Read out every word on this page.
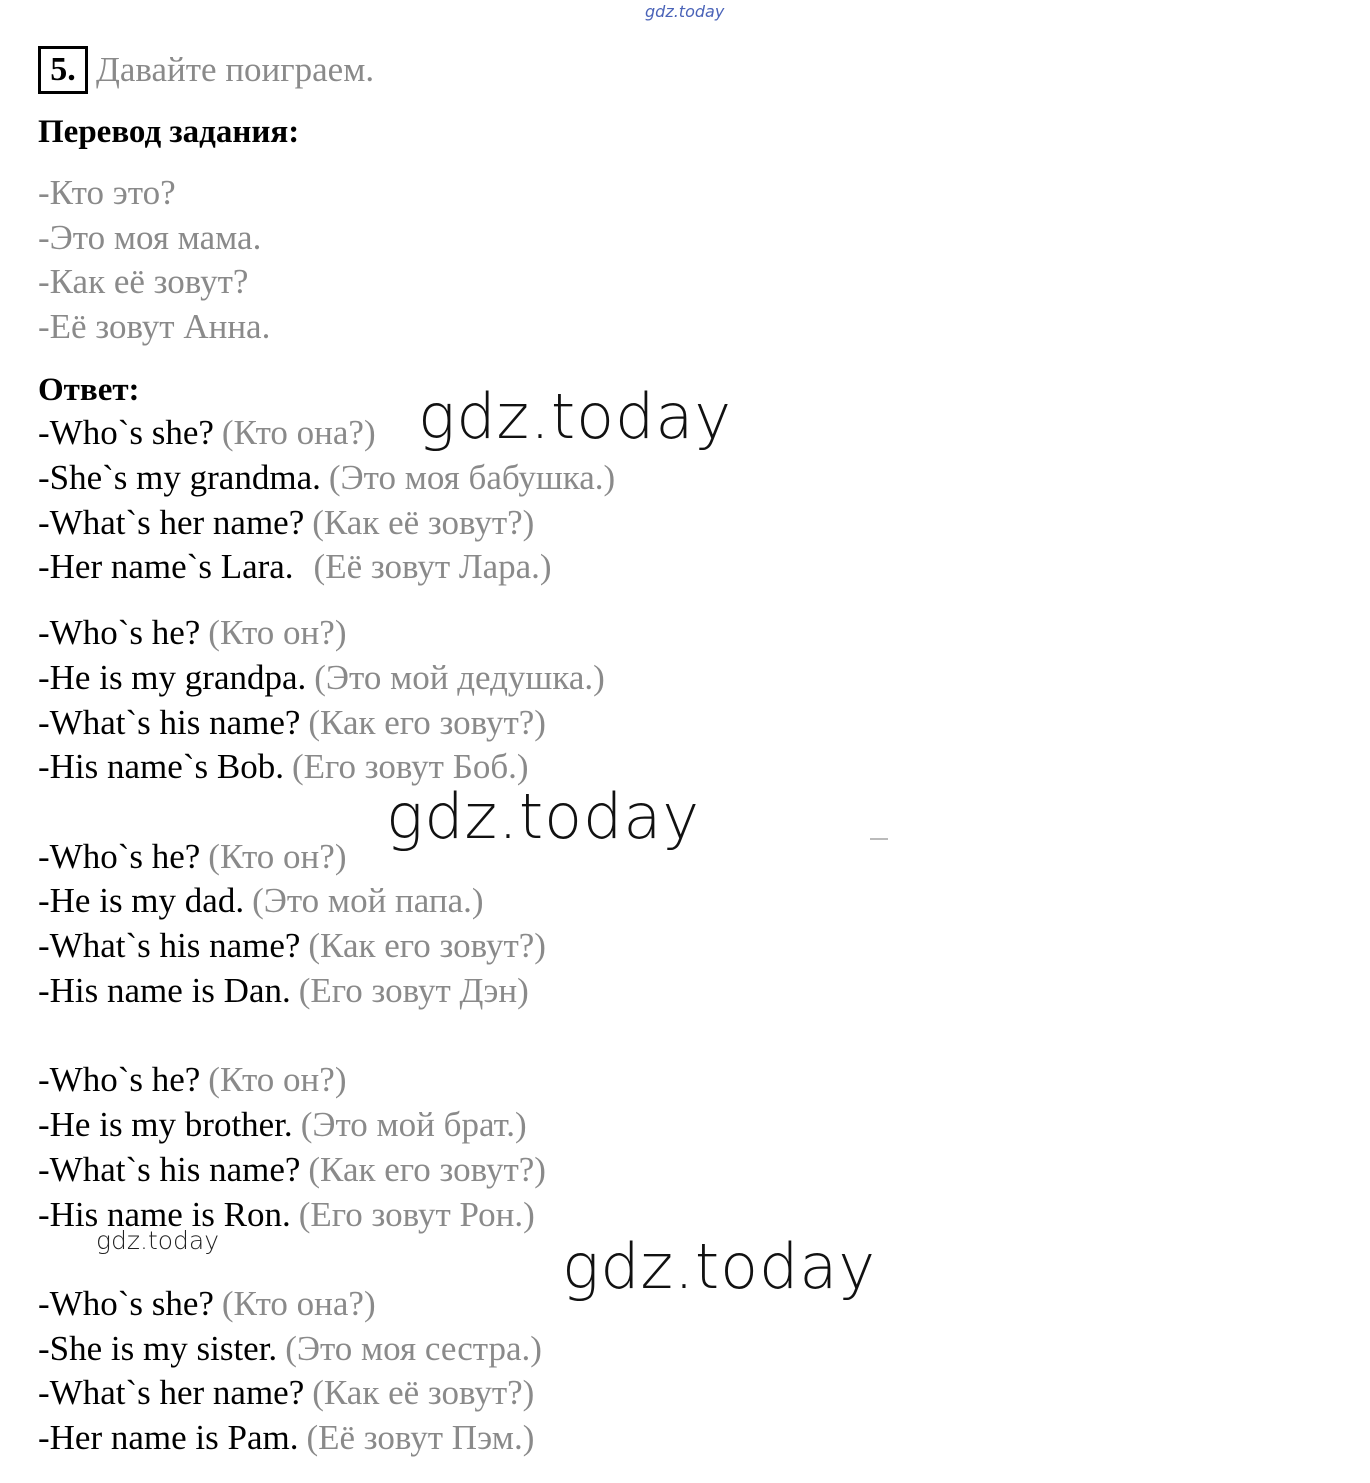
gdz.today
gdz.today
gdz.today
gdz.today	gdz.today
5. Давайте поиграем.
Перевод задания:
-Кто это?
-Это моя мама.
-Как её зовут?
-Её зовут Анна.
Ответ:
-Who`s she? (Кто она?)
-She`s my grandma. (Это моя бабушка.)
-What`s her name? (Как её зовут?)
-Her name`s Lara. (Её зовут Лара.)
-Who`s he? (Кто он?)
-He is my grandpa. (Это мой дедушка.)
-What`s his name? (Как его зовут?)
-His name`s Bob. (Его зовут Боб.)
-Who`s he? (Кто он?)
-He is my dad. (Это мой папа.)
-What`s his name? (Как его зовут?)
-His name is Dan. (Его зовут Дэн)
-Who`s he? (Кто он?)
-He is my brother. (Это мой брат.)
-What`s his name? (Как его зовут?)
-His name is Ron. (Его зовут Рон.)
-Who`s she? (Кто она?)
-She is my sister. (Это моя сестра.)
-What`s her name? (Как её зовут?)
-Her name is Pam. (Её зовут Пэм.)
